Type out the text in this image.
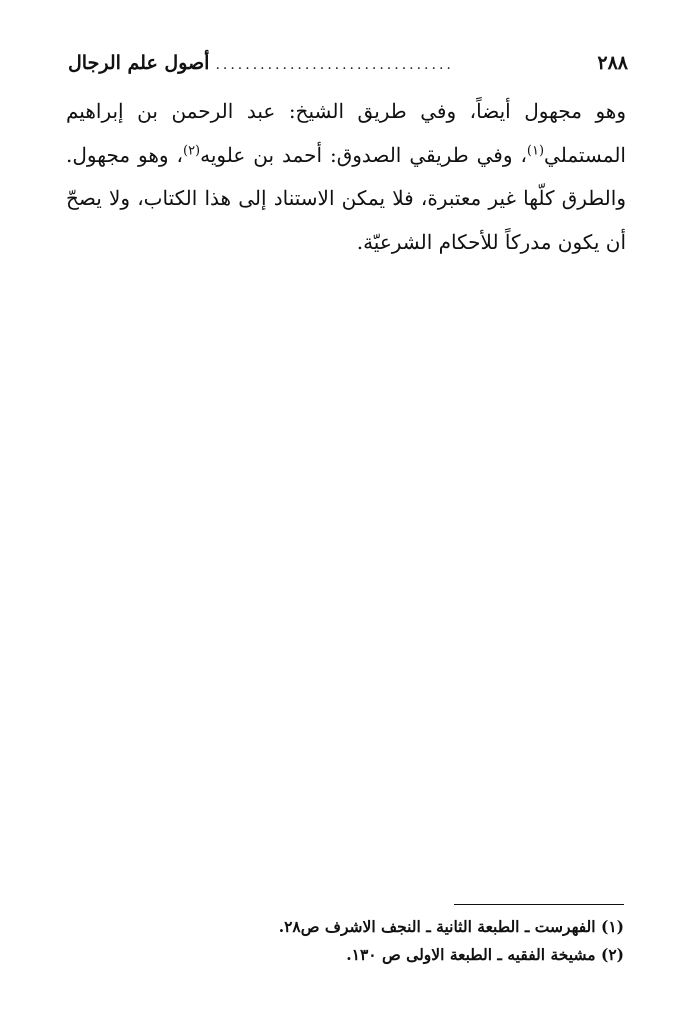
٢٨٨
................................
أصول علم الرجال
وهو مجهول أيضاً، وفي طريق الشيخ: عبد الرحمن بن إبراهيم المستملي$^{(١)}$، وفي طريقي الصدوق: أحمد بن علويه$^{(٢)}$، وهو مجهول. والطرق كلّها غير معتبرة، فلا يمكن الاستناد إلى هذا الكتاب، ولا يصحّ أن يكون مدركاً للأحكام الشرعيّة.
(١) الفهرست ـ الطبعة الثانية ـ النجف الاشرف ص٢٨.
(٢) مشيخة الفقيه ـ الطبعة الاولى ص ١٣٠.
